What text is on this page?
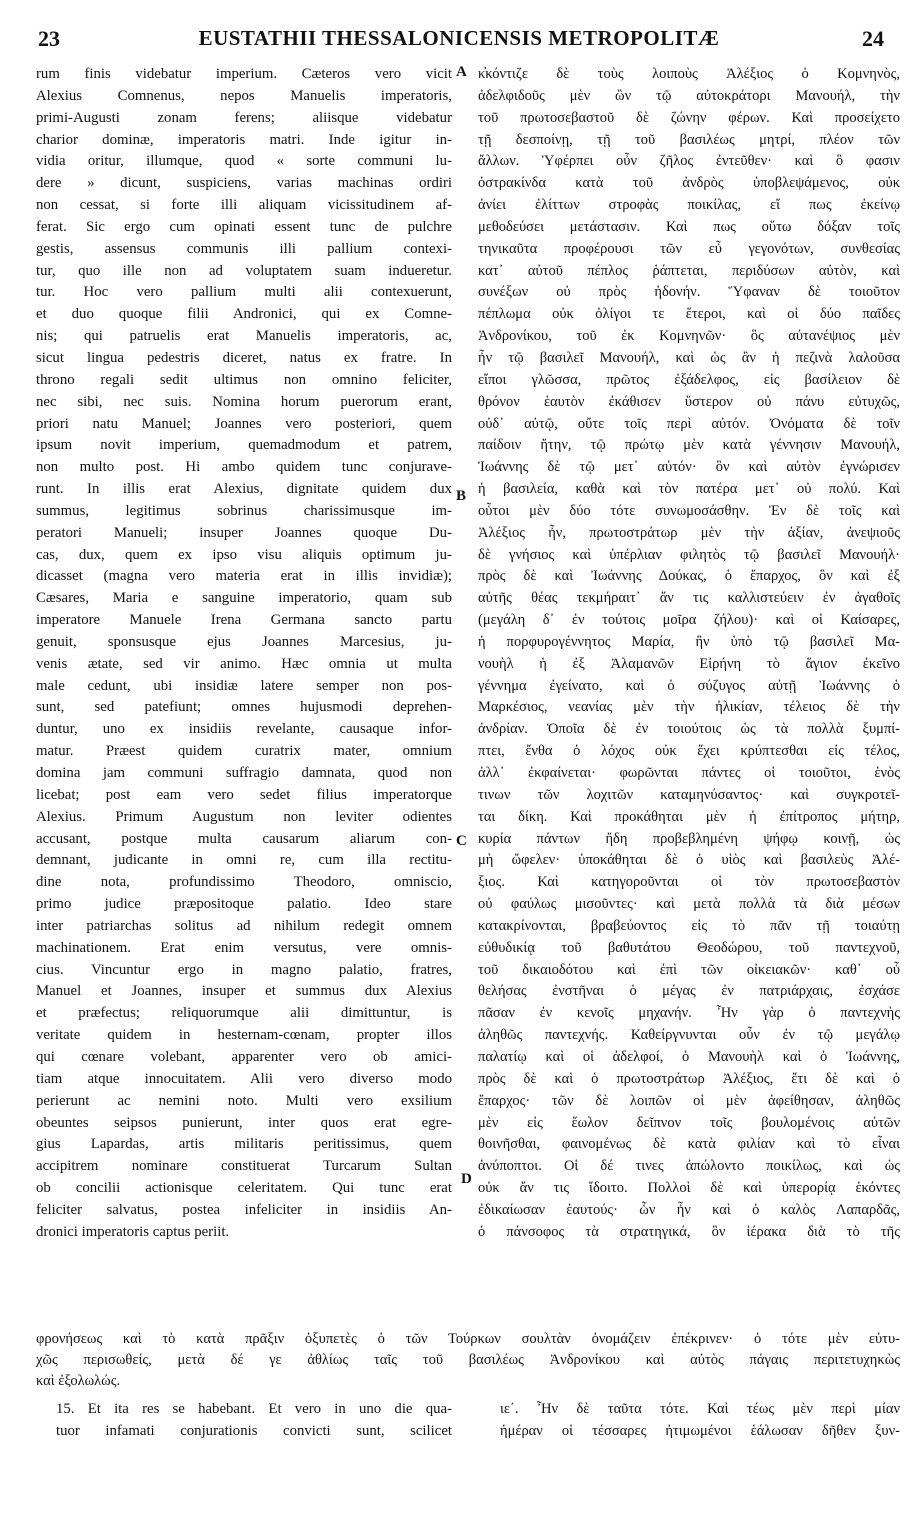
23	EUSTATHII THESSALONICENSIS METROPOLITÆ	24
rum finis videbatur imperium. Cæteros vero vicit
Alexius Comnenus, nepos Manuelis imperatoris,
primi-Augusti zonam ferens; aliisque videbatur
charior dominæ, imperatoris matri. Inde igitur in-
vidia oritur, illumque, quod « sorte communi lu-
dere » dicunt, suspiciens, varias machinas ordiri
non cessat, si forte illi aliquam vicissitudinem af-
ferat. Sic ergo cum opinati essent tunc de pulchre
gestis, assensus communis illi pallium contexi-
tur, quo ille non ad voluptatem suam indueretur.
tur. Hoc vero pallium multi alii contexuerunt,
et duo quoque filii Andronici, qui ex Comne-
nis; qui patruelis erat Manuelis imperatoris, ac,
sicut lingua pedestris diceret, natus ex fratre. In
throno regali sedit ultimus non omnino feliciter,
nec sibi, nec suis. Nomina horum puerorum erant,
priori natu Manuel; Joannes vero posteriori, quem
ipsum novit imperium, quemadmodum et patrem,
non multo post. Hi ambo quidem tunc conjurave-
runt. In illis erat Alexius, dignitate quidem dux
summus, legitimus sobrinus charissimusque im-
peratori Manueli; insuper Joannes quoque Du-
cas, dux, quem ex ipso visu aliquis optimum ju-
dicasset (magna vero materia erat in illis invidiæ);
Cæsares, Maria e sanguine imperatorio, quam sub
imperatore Manuele Irena Germana sancto partu
genuit, sponsusque ejus Joannes Marcesius, ju-
venis ætate, sed vir animo. Hæc omnia ut multa
male cedunt, ubi insidiæ latere semper non pos-
sunt, sed patefiunt; omnes hujusmodi deprehen-
duntur, uno ex insidiis revelante, causaque infor-
matur. Præest quidem curatrix mater, omnium
domina jam communi suffragio damnata, quod non
licebat; post eam vero sedet filius imperatorque
Alexius. Primum Augustum non leviter odientes
accusant, postque multa causarum aliarum con-
demnant, judicante in omni re, cum illa rectitu-
dine nota, profundissimo Theodoro, omniscio,
primo judice præpositoque palatio. Ideo stare
inter patriarchas solitus ad nihilum redegit omnem
machinationem. Erat enim versutus, vere omnis-
cius. Vincuntur ergo in magno palatio, fratres,
Manuel et Joannes, insuper et summus dux Alexius
et præfectus; reliquorumque alii dimittuntur, is
veritate quidem in hesternam-cœnam, propter illos
qui cœnare volebant, apparenter vero ob amici-
tiam atque innocuitatem. Alii vero diverso modo
perierunt ac nemini noto. Multi vero exsilium
obeuntes seipsos punierunt, inter quos erat egre-
gius Lapardas, artis militaris peritissimus, quem
accipitrem nominare constituerat Turcarum Sultan
ob concilii actionisque celeritatem. Qui tunc erat
feliciter salvatus, postea infeliciter in insidiis An-
dronici imperatoris captus periit.
κ̓κόντιζε δὲ τοὺς λοιποὺς Ἀλέξιος ὁ Κομνηνὸς,
ἀδελφιδοῦς μὲν ὢν τῷ αὐτοκράτορι Μανουήλ, τὴν
τοῦ πρωτοσεβαστοῦ δὲ ζώνην φέρων. Καὶ προσείχετο
τῇ δεσποίνῃ, τῇ τοῦ βασιλέως μητρί, πλέον τῶν
ἄλλων. Ὑφέρπει οὖν ζῆλος ἐντεῦθεν· καὶ ὃ φασιν
ὀστρακίνδα κατὰ τοῦ ἀνδρὸς ὑποβλεψάμενος, οὐκ
ἀνίει ἐλίττων στροφὰς ποικίλας, εἴ πως ἐκείνῳ
μεθοδεύσει μετάστασιν. Καὶ πως οὕτω δόξαν τοῖς
τηνικαῦτα προφέρουσι τῶν εὖ γεγονότων, συνθεσίας
κατ᾽ αὐτοῦ πέπλος ῥάπτεται, περιδύσων αὐτὸν, καὶ
συνέξων οὐ πρὸς ἡδονήν. Ὕφαναν δὲ τοιοῦτον
πέπλωμα οὐκ ὀλίγοι τε ἕτεροι, καὶ οἱ δύο παῖδες
Ἀνδρονίκου, τοῦ ἐκ Κομνηνῶν· ὃς αὐτανέψιος μὲν
ἦν τῷ βασιλεῖ Μανουήλ, καὶ ὡς ἂν ἡ πεζινὰ λαλοῦσα
εἴποι γλῶσσα, πρῶτος ἐξάδελφος, εἰς βασίλειον δὲ
θρόνον ἑαυτὸν ἐκάθισεν ὕστερον οὐ πάνυ εὐτυχῶς,
οὐδ᾽ αὐτῷ, οὔτε τοῖς περὶ αὐτόν. Ὀνόματα δὲ τοῖν
παίδοιν ἤτην, τῷ πρώτῳ μὲν κατὰ γέννησιν Μανουήλ,
Ἰωάννης δὲ τῷ μετ᾽ αὐτόν· ὃν καὶ αὐτὸν ἐγνώρισεν
ἡ βασιλεία, καθὰ καὶ τὸν πατέρα μετ᾽ οὐ πολύ. Καὶ
οὗτοι μὲν δύο τότε συνωμοσάσθην. Ἐν δὲ τοῖς καὶ
Ἀλέξιος ἦν, πρωτοστράτωρ μὲν τὴν ἀξίαν, ἀνεψιοῦς
δὲ γνήσιος καὶ ὑπέρλιαν φιλητὸς τῷ βασιλεῖ Μανουήλ·
πρὸς δὲ καὶ Ἰωάννης Δούκας, ὁ ἔπαρχος, ὃν καὶ ἐξ
αὐτῆς θέας τεκμήραιτ᾽ ἄν τις καλλιστεύειν ἐν ἀγαθοῖς
(μεγάλη δ᾽ ἐν τούτοις μοῖρα ζήλου)· καὶ οἱ Καίσαρες,
ἡ πορφυρογέννητος Μαρία, ἣν ὑπὸ τῷ βασιλεῖ Μα-
νουὴλ ἡ ἐξ Ἀλαμανῶν Εἰρήνη τὸ ἅγιον ἐκεῖνο
γέννημα ἐγείνατο, καὶ ὁ σύζυγος αὐτῇ Ἰωάννης ὁ
Μαρκέσιος, νεανίας μὲν τὴν ἡλικίαν, τέλειος δὲ τὴν
ἀνδρίαν. Ὁποῖα δὲ ἐν τοιούτοις ὡς τὰ πολλὰ ξυμπί-
πτει, ἔνθα ὁ λόχος οὐκ ἔχει κρύπτεσθαι εἰς τέλος,
ἀλλ᾽ ἐκφαίνεται· φωρῶνται πάντες οἱ τοιοῦτοι, ἑνὸς
τινων τῶν λοχιτῶν καταμηνύσαντος· καὶ συγκροτεῖ-
ται δίκη. Καὶ προκάθηται μὲν ἡ ἐπίτροπος μήτηρ,
κυρία πάντων ἤδη προβεβλημένη ψήφῳ κοινῇ, ὡς
μὴ ὤφελεν· ὑποκάθηται δὲ ὁ υἱὸς καὶ βασιλεὺς Ἀλέ-
ξιος. Καὶ κατηγοροῦνται οἱ τὸν πρωτοσεβαστὸν
οὐ φαύλως μισοῦντες· καὶ μετὰ πολλὰ τὰ διὰ μέσων
κατακρίνονται, βραβεύοντος εἰς τὸ πᾶν τῇ τοιαύτῃ
εὐθυδικίᾳ τοῦ βαθυτάτου Θεοδώρου, τοῦ παντεχνοῦ,
τοῦ δικαιοδότου καὶ ἐπὶ τῶν οἰκειακῶν· καθ᾽ οὗ
θελήσας ἐνστῆναι ὁ μέγας ἐν πατριάρχαις, ἐσχάσε
πᾶσαν ἐν κενοῖς μηχανήν. Ἦν γὰρ ὁ παντεχνὴς
ἀληθῶς παντεχνής. Καθείργνυνται οὖν ἐν τῷ μεγάλῳ
παλατίῳ καὶ οἱ ἀδελφοί, ὁ Μανουὴλ καὶ ὁ Ἰωάννης,
πρὸς δὲ καὶ ὁ πρωτοστράτωρ Ἀλέξιος, ἔτι δὲ καὶ ὁ
ἔπαρχος· τῶν δὲ λοιπῶν οἱ μὲν ἀφείθησαν, ἀληθῶς
μὲν εἰς ἕωλον δεῖπνον τοῖς βουλομένοις αὐτῶν
θοινῆσθαι, φαινομένως δὲ κατὰ φιλίαν καὶ τὸ εἶναι
ἀνύποπτοι. Οἱ δέ τινες ἀπώλοντο ποικίλως, καὶ ὡς
οὐκ ἄν τις ἴδοιτο. Πολλοὶ δὲ καὶ ὑπερορίᾳ ἑκόντες
ἐδικαίωσαν ἑαυτούς· ὧν ἦν καὶ ὁ καλὸς Λαπαρδᾶς,
ὁ πάνσοφος τὰ στρατηγικά, ὃν ἱέρακα διὰ τὸ τῆς
A
B
C
D
φρονήσεως καὶ τὸ κατὰ πρᾶξιν ὀξυπετὲς ὁ τῶν Τούρκων σουλτὰν ὀνομάζειν ἐπέκρινεν· ὁ τότε μὲν εὐτυ-
χῶς περισωθείς, μετὰ δέ γε ἀθλίως ταῖς τοῦ βασιλέως Ἀνδρονίκου καὶ αὐτὸς πάγαις περιτετυχηκὼς
καὶ ἐξολωλώς.
15. Et ita res se habebant. Et vero in uno die qua-
tuor infamati conjurationis convicti sunt, scilicet
ιε΄. Ἦν δὲ ταῦτα τότε. Καὶ τέως μὲν περὶ μίαν
ἡμέραν οἱ τέσσαρες ἠτιμωμένοι ἑάλωσαν δῆθεν ξυν-
